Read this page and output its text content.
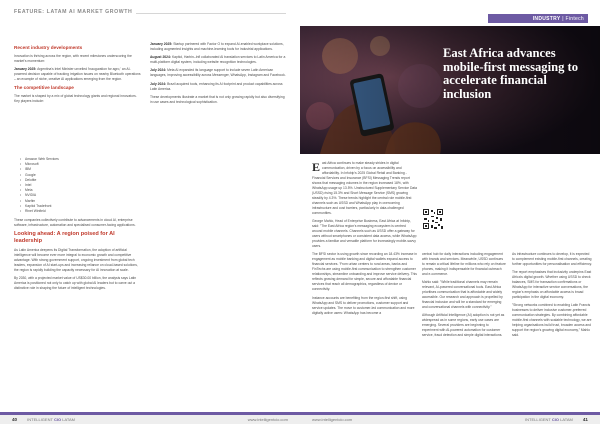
FEATURE: LATAM AI MARKET GROWTH
Recent industry developments

Innovation is thriving across the region, with recent milestones underscoring the market's momentum:

January 2025: Argentina's Intel Minister unveiled 'inauguration for agro,' an AI-powered decision capable of tracking irrigation issues on nearby Bluetooth operations – an example of niche, creative AI applications emerging from the region.

The competitive landscape

The market is shaped by a mix of global technology giants and regional innovators. Key players include:

• Amazon Web Services
• Microsoft
• IBM
• Google
• Deloitte
• Intel
• Meta
• NVIDIA
• Marfim
• Kapitol Tradefront
• Rinet Winfield

These companies collectively contribute to advancements in cloud AI, enterprise software, infrastructure, automation and specialised consumer-facing applications.

Looking ahead: A region poised for AI leadership

As Latin America deepens its Digital Transformation, the adoption of artificial intelligence will become ever more integral to economic growth and competitive advantage. With strong government support, ongoing investment from global tech leaders, expansion of AI start-ups and increasing reliance on cloud-based solutions, the region is rapidly building the capacity necessary for AI innovation at scale.

By 2030, with a projected market value of US$30.00 billion, the analysis says Latin America is positioned not only to catch up with global AI leaders but to carve out a distinctive role in shaping the future of intelligent technologies.

January 2025: Startup partnered with Factor O to expand AI-enabled workplace solutions, including augmented insights and machine-learning tools for industrial applications.

August 2024: Kapitol, Harbin–Infl collaborated AI translation services to Latin America for a multi-platform digital system, including website recognition technologies.

July 2024: Meta AI expanded its language support to include seven Latin American languages, improving accessibility across Messenger, WhatsApp, Instagram and Facebook.

July 2024: Brazil acquired tools, enhancing its AI footprint and product capabilities across Latin America.

These developments illustrate a market that is not only growing rapidly but also diversifying in use cases and technological sophistication.

40	INTELLIGENT CIO LATAM	www.intelligentcio.com
INDUSTRY | Fintech
East Africa advances mobile-first messaging to accelerate financial inclusion

East Africa continues to make steady strides in digital communication, driven by a focus on accessibility and affordability. In Infobip's 2025 Global Retail and Banking - Financial Services and Insurance (BFSI) Messaging Trends report shows that messaging volumes in the region increased 18%, with WhatsApp usage up 13.5%. Unstructured Supplementary Service Data (USSD) rising 15.3% and Short Message Service (SMS) growing steadily by 4.3%. These trends highlight the central role mobile-first channels such as USSD and WhatsApp play in overcoming infrastructure and cost barriers, particularly in data-challenged communities.

George Mahlo, Head of Enterprise Business, East Africa at Infobip, said: "The East Africa region's messaging ecosystem is centred around mobile channels. Channels such as USSD offer a gateway for users without smartphones or consistent data access, while WhatsApp provides a familiar and versatile platform for increasingly mobile-savvy users.

The BFSI sector is using growth since recording an 18.43% increase in engagement as mobile banking and digital wallets expand access to financial services. 'From urban centers to rural areas, banks and FinTechs are using mobile-first communication to strengthen customer relationships, streamline onboarding and improve service delivery. This reflects growing demand for simple, secure and affordable financial services that reach all demographics, regardless of device or connectivity.

Instance accounts are benefiting from the region-first shift, using WhatsApp and SMS to deliver promotions, customer support and service updates. The move to customer-led communication and more digitally active users: WhatsApp has become a

central hub for daily interactions including engagement with brands and services. Meanwhile, USSD continues to remain a critical lifeline for millions who rely on feature phones, making it indispensable for financial outreach and e-commerce.

Mahlo said: "While traditional channels may remain relevant, AI-powered conversational tools. East Africa prioritises communication that is affordable and widely accessible. Our research and approach is propelled by financial inclusion and will be a standard for emerging and conversational channels with connectivity."

Although Artificial Intelligence (AI) adoption is not yet as widespread as in some regions, early use cases are emerging. Several providers are beginning to experiment with AI-powered automation for customer service, fraud detection and simple digital interactions.

As infrastructure continues to develop, it is expected to complement existing mobile-first channels, creating further opportunities for personalisation and efficiency.

The report emphasises that inclusivity underpins East Africa's digital growth. Whether using USSD to check balances, SMS for transaction confirmations or WhatsApp for interactive service conversations, the region's emphasis on affordable access is broad participation in the digital economy.

"Strong networks combined to enabling Latin Francis businesses to deliver inclusive customer-preferred communication strategies. By combining affordable mobile-first channels with scalable technology, we are helping organisations build trust, broaden access and support the region's growing digital economy," Mahlo said.

www.intelligentcio.com	INTELLIGENT CIO LATAM 41
